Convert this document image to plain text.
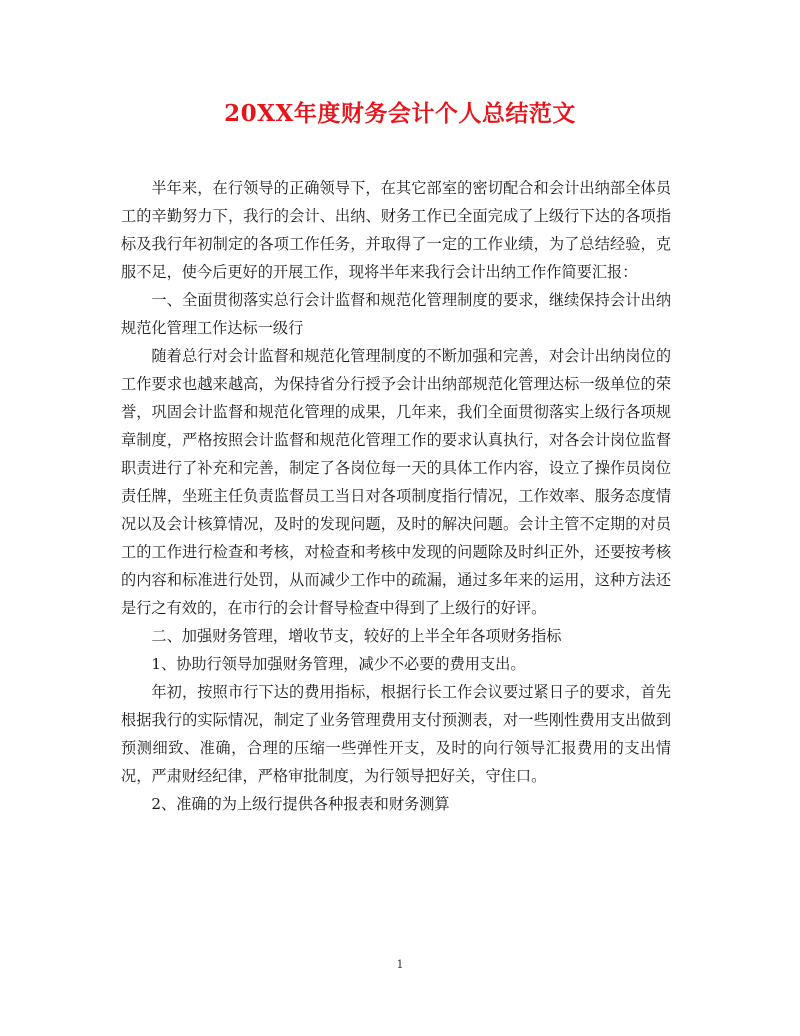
20XX年度财务会计个人总结范文

半年来，在行领导的正确领导下，在其它部室的密切配合和会计出纳部全体员工的辛勤努力下，我行的会计、出纳、财务工作已全面完成了上级行下达的各项指标及我行年初制定的各项工作任务，并取得了一定的工作业绩，为了总结经验，克服不足，使今后更好的开展工作，现将半年来我行会计出纳工作作简要汇报：

一、全面贯彻落实总行会计监督和规范化管理制度的要求，继续保持会计出纳规范化管理工作达标一级行

随着总行对会计监督和规范化管理制度的不断加强和完善，对会计出纳岗位的工作要求也越来越高，为保持省分行授予会计出纳部规范化管理达标一级单位的荣誉，巩固会计监督和规范化管理的成果，几年来，我们全面贯彻落实上级行各项规章制度，严格按照会计监督和规范化管理工作的要求认真执行，对各会计岗位监督职责进行了补充和完善，制定了各岗位每一天的具体工作内容，设立了操作员岗位责任牌，坐班主任负责监督员工当日对各项制度指行情况，工作效率、服务态度情况以及会计核算情况，及时的发现问题，及时的解决问题。会计主管不定期的对员工的工作进行检查和考核，对检查和考核中发现的问题除及时纠正外，还要按考核的内容和标准进行处罚，从而减少工作中的疏漏，通过多年来的运用，这种方法还是行之有效的，在市行的会计督导检查中得到了上级行的好评。

二、加强财务管理，增收节支，较好的上半全年各项财务指标

1、协助行领导加强财务管理，减少不必要的费用支出。

年初，按照市行下达的费用指标，根据行长工作会议要过紧日子的要求，首先根据我行的实际情况，制定了业务管理费用支付预测表，对一些刚性费用支出做到预测细致、准确，合理的压缩一些弹性开支，及时的向行领导汇报费用的支出情况，严肃财经纪律，严格审批制度，为行领导把好关，守住口。

2、准确的为上级行提供各种报表和财务测算

1
